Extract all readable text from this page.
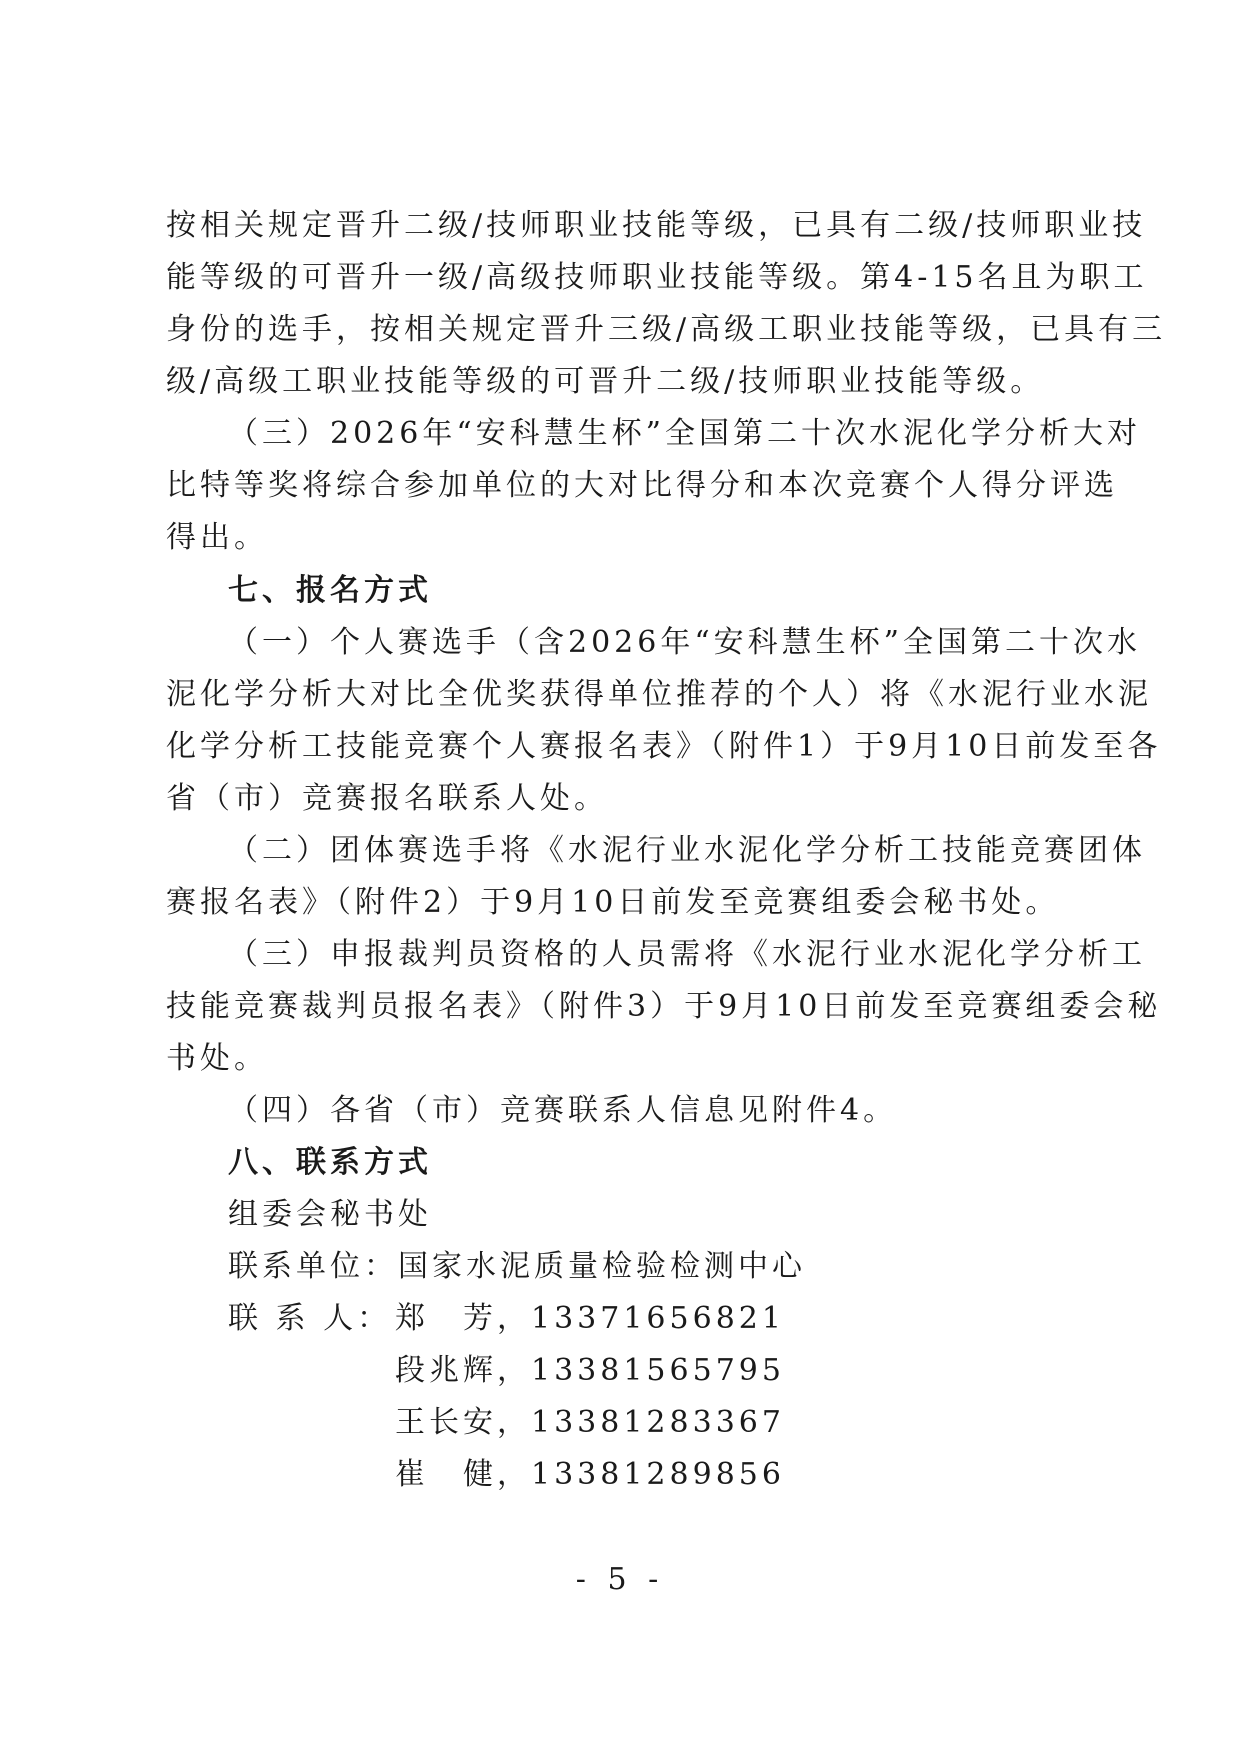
按相关规定晋升二级/技师职业技能等级，已具有二级/技师职业技
能等级的可晋升一级/高级技师职业技能等级。第4-15名且为职工
身份的选手，按相关规定晋升三级/高级工职业技能等级，已具有三
级/高级工职业技能等级的可晋升二级/技师职业技能等级。
（三）2026年“安科慧生杯”全国第二十次水泥化学分析大对
比特等奖将综合参加单位的大对比得分和本次竞赛个人得分评选
得出。
七、报名方式
（一）个人赛选手（含2026年“安科慧生杯”全国第二十次水
泥化学分析大对比全优奖获得单位推荐的个人）将《水泥行业水泥
化学分析工技能竞赛个人赛报名表》（附件1）于9月10日前发至各
省（市）竞赛报名联系人处。
（二）团体赛选手将《水泥行业水泥化学分析工技能竞赛团体
赛报名表》（附件2）于9月10日前发至竞赛组委会秘书处。
（三）申报裁判员资格的人员需将《水泥行业水泥化学分析工
技能竞赛裁判员报名表》（附件3）于9月10日前发至竞赛组委会秘
书处。
（四）各省（市）竞赛联系人信息见附件4。
八、联系方式
组委会秘书处
联系单位：国家水泥质量检验检测中心
联 系 人： 郑　芳，13371656821
段兆辉，13381565795
王长安，13381283367
崔　健，13381289856
- 5 -
